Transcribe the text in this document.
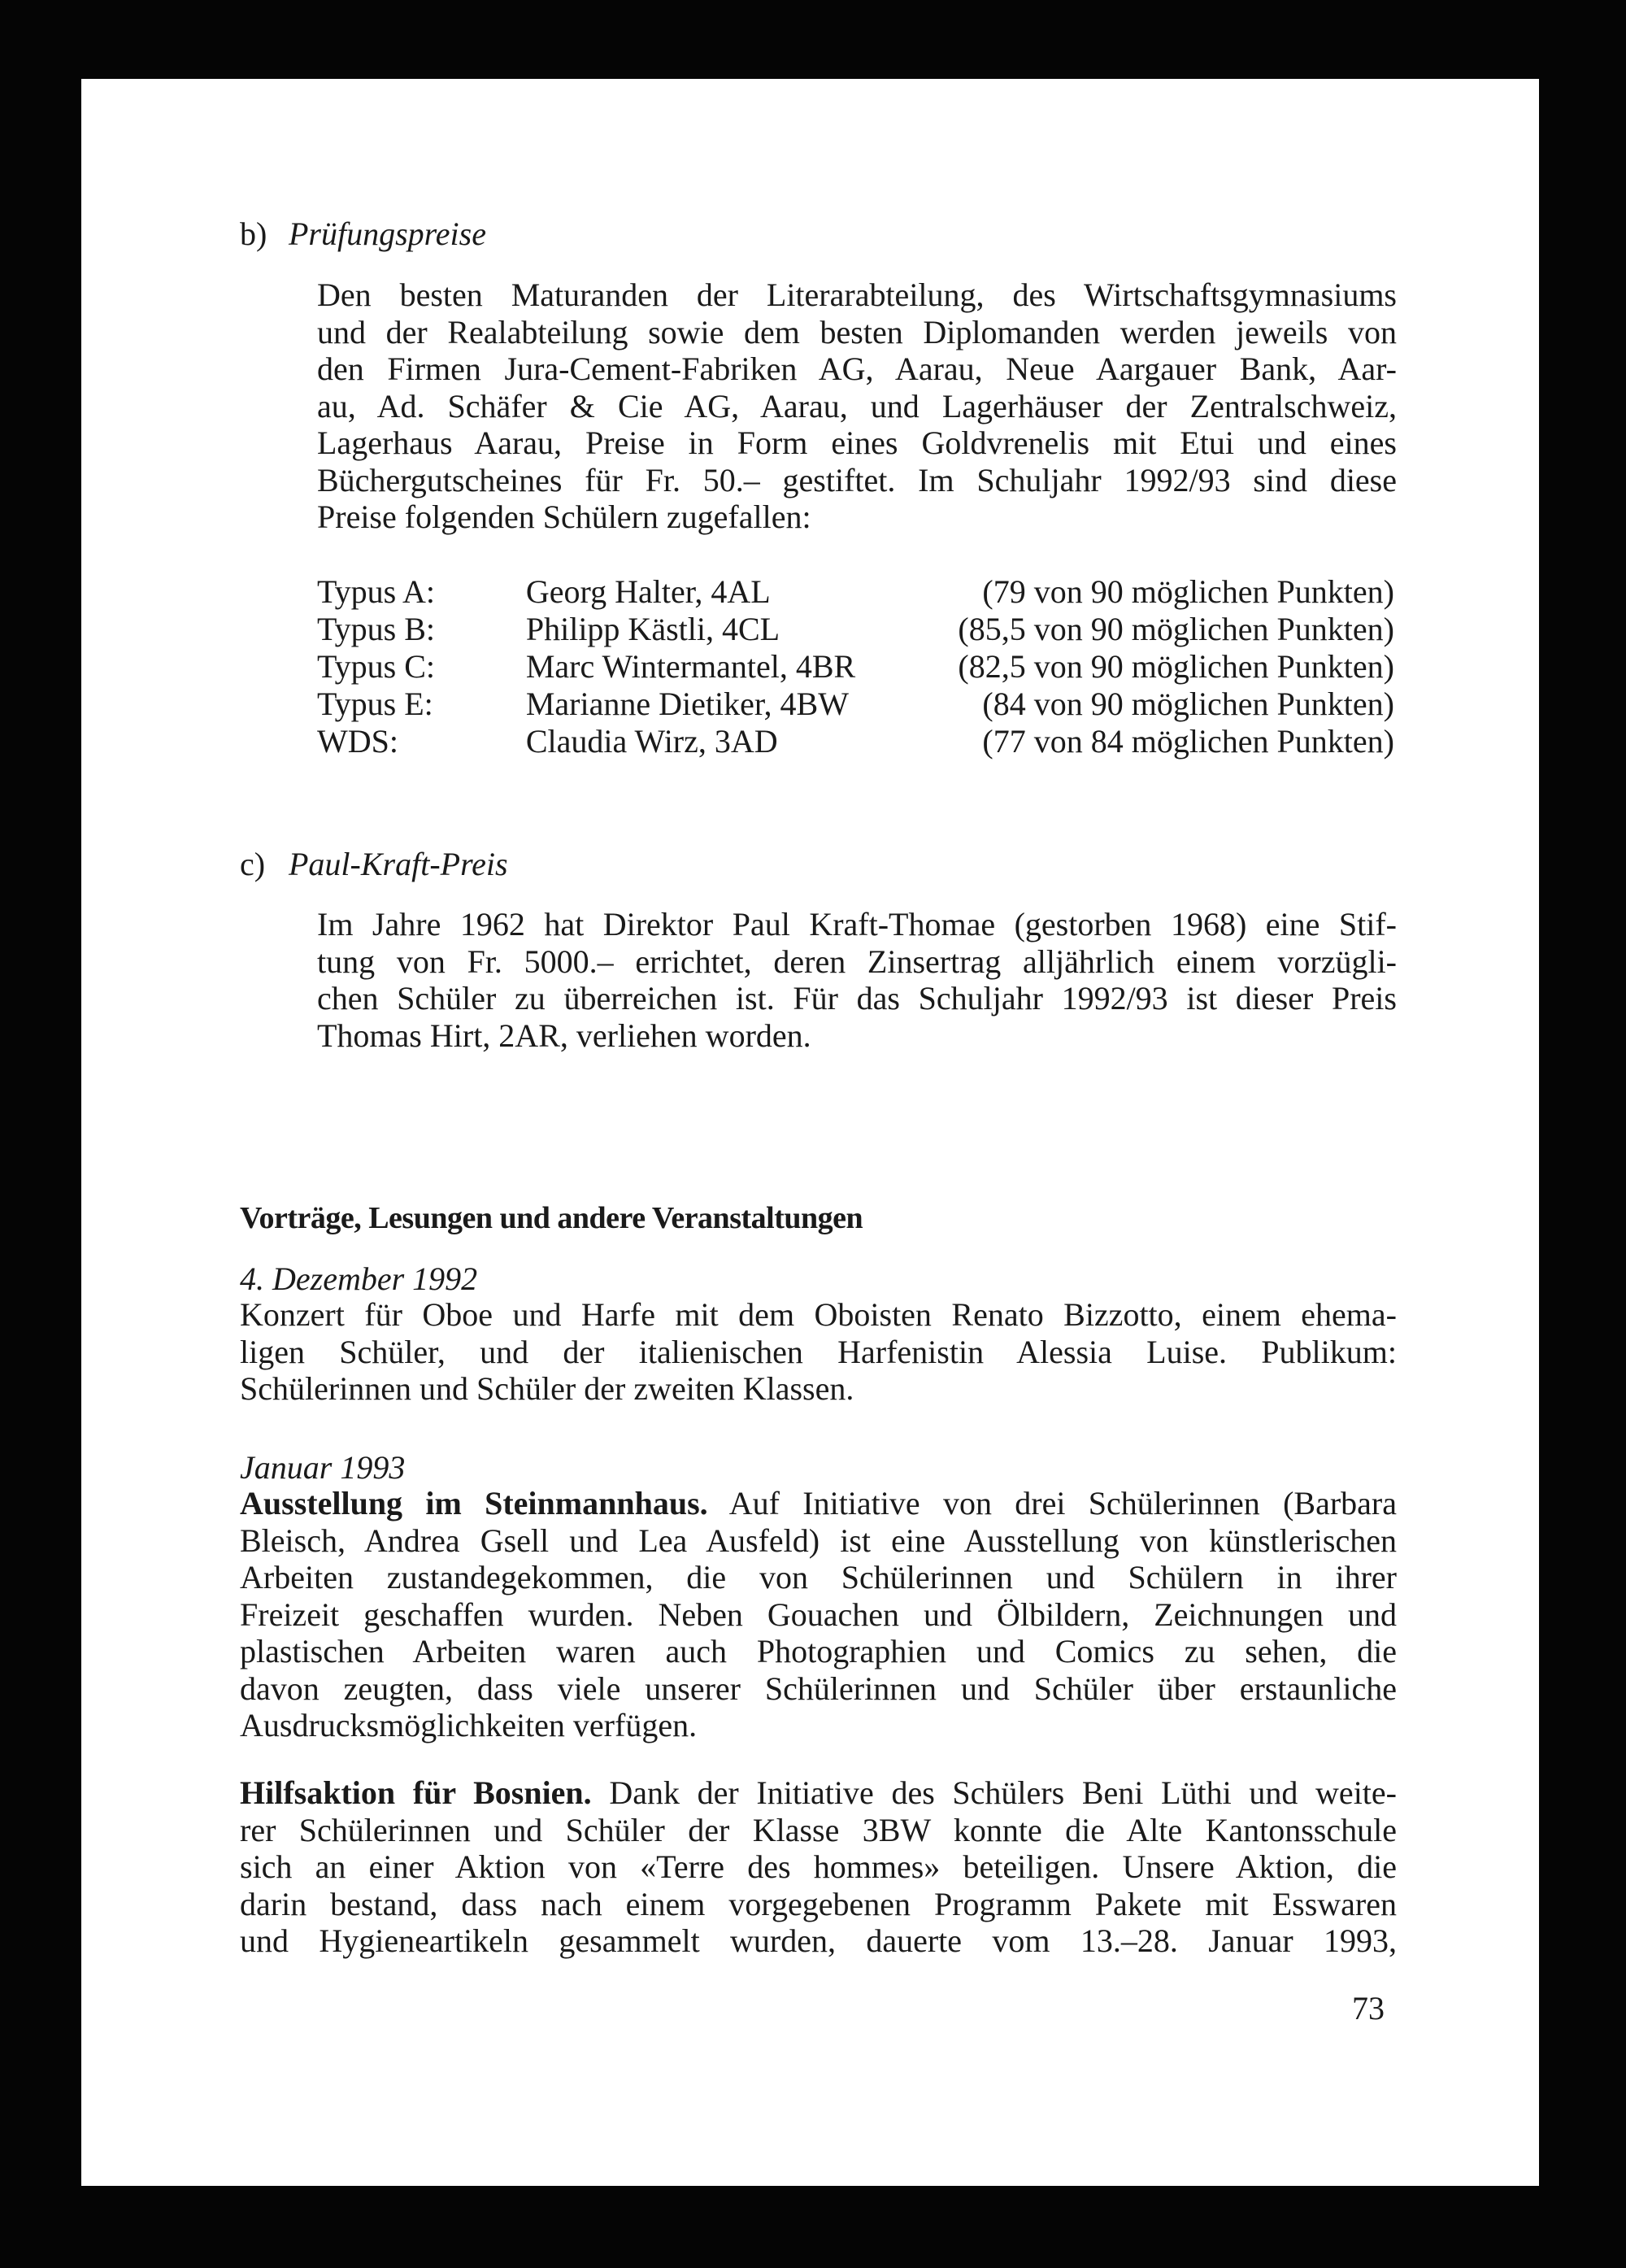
b) Prüfungspreise
Den besten Maturanden der Literarabteilung, des Wirtschaftsgymnasiums
und der Realabteilung sowie dem besten Diplomanden werden jeweils von
den Firmen Jura-Cement-Fabriken AG, Aarau, Neue Aargauer Bank, Aar-
au, Ad. Schäfer & Cie AG, Aarau, und Lagerhäuser der Zentralschweiz,
Lagerhaus Aarau, Preise in Form eines Goldvrenelis mit Etui und eines
Büchergutscheines für Fr. 50.– gestiftet. Im Schuljahr 1992/93 sind diese
Preise folgenden Schülern zugefallen:
Typus A:	Georg Halter, 4AL	(79 von 90 möglichen Punkten)
Typus B:	Philipp Kästli, 4CL	(85,5 von 90 möglichen Punkten)
Typus C:	Marc Wintermantel, 4BR	(82,5 von 90 möglichen Punkten)
Typus E:	Marianne Dietiker, 4BW	(84 von 90 möglichen Punkten)
WDS:	Claudia Wirz, 3AD	(77 von 84 möglichen Punkten)
c) Paul-Kraft-Preis
Im Jahre 1962 hat Direktor Paul Kraft-Thomae (gestorben 1968) eine Stif-
tung von Fr. 5000.– errichtet, deren Zinsertrag alljährlich einem vorzügli-
chen Schüler zu überreichen ist. Für das Schuljahr 1992/93 ist dieser Preis
Thomas Hirt, 2AR, verliehen worden.
Vorträge, Lesungen und andere Veranstaltungen
4. Dezember 1992
Konzert für Oboe und Harfe mit dem Oboisten Renato Bizzotto, einem ehema-
ligen Schüler, und der italienischen Harfenistin Alessia Luise. Publikum:
Schülerinnen und Schüler der zweiten Klassen.
Januar 1993
Ausstellung im Steinmannhaus. Auf Initiative von drei Schülerinnen (Barbara
Bleisch, Andrea Gsell und Lea Ausfeld) ist eine Ausstellung von künstlerischen
Arbeiten zustandegekommen, die von Schülerinnen und Schülern in ihrer
Freizeit geschaffen wurden. Neben Gouachen und Ölbildern, Zeichnungen und
plastischen Arbeiten waren auch Photographien und Comics zu sehen, die
davon zeugten, dass viele unserer Schülerinnen und Schüler über erstaunliche
Ausdrucksmöglichkeiten verfügen.
Hilfsaktion für Bosnien. Dank der Initiative des Schülers Beni Lüthi und weite-
rer Schülerinnen und Schüler der Klasse 3BW konnte die Alte Kantonsschule
sich an einer Aktion von «Terre des hommes» beteiligen. Unsere Aktion, die
darin bestand, dass nach einem vorgegebenen Programm Pakete mit Esswaren
und Hygieneartikeln gesammelt wurden, dauerte vom 13.–28. Januar 1993,
73
